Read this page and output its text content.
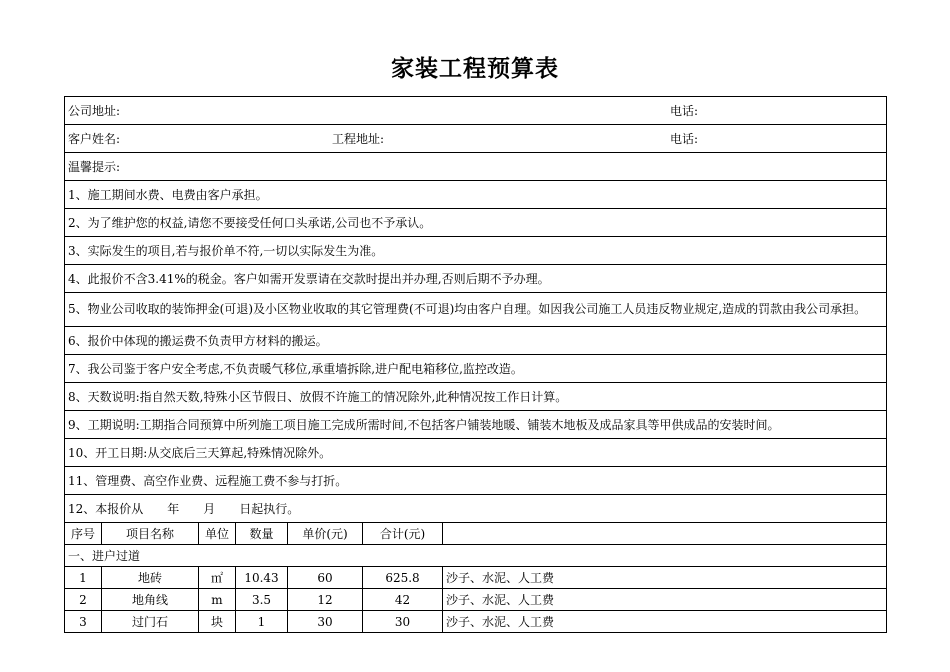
家装工程预算表
公司地址: 电话:						

客户姓名: 工程地址: 电话:						

温馨提示:						
1、施工期间水费、电费由客户承担。						
2、为了维护您的权益,请您不要接受任何口头承诺,公司也不予承认。						
3、实际发生的项目,若与报价单不符,一切以实际发生为准。						
4、此报价不含3.41%的税金。客户如需开发票请在交款时提出并办理,否则后期不予办理。						
5、物业公司收取的装饰押金(可退)及小区物业收取的其它管理费(不可退)均由客户自理。如因我公司施工人员违反物业规定,造成的罚款由我公司承担。						
6、报价中体现的搬运费不负责甲方材料的搬运。						
7、我公司鉴于客户安全考虑,不负责暖气移位,承重墙拆除,进户配电箱移位,监控改造。						
8、天数说明:指自然天数,特殊小区节假日、放假不许施工的情况除外,此种情况按工作日计算。						
9、工期说明:工期指合同预算中所列施工项目施工完成所需时间,不包括客户铺装地暖、铺装木地板及成品家具等甲供成品的安装时间。						
10、开工日期:从交底后三天算起,特殊情况除外。						
11、管理费、高空作业费、远程施工费不参与打折。						
12、本报价从　　年　　月　　日起执行。						
序号	项目名称	单位	数量	单价(元)	合计(元)	
一、进户过道						
1	地砖	㎡	10.43	60	625.8	沙子、水泥、人工费
2	地角线	m	3.5	12	42	沙子、水泥、人工费
3	过门石	块	1	30	30	沙子、水泥、人工费
